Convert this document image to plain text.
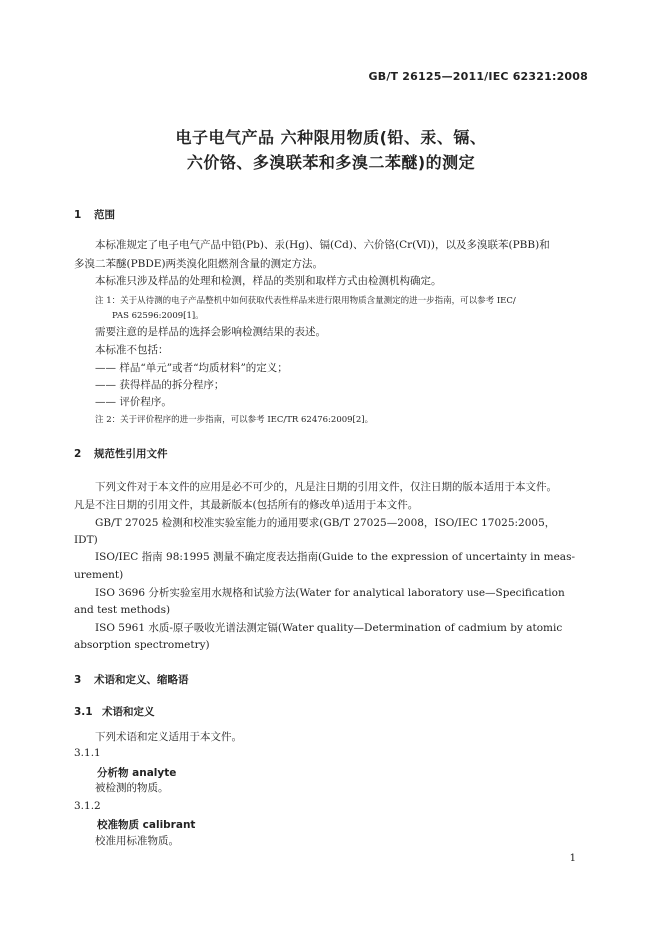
GB/T 26125—2011/IEC 62321:2008
电子电气产品 六种限用物质(铅、汞、镉、
六价铬、多溴联苯和多溴二苯醚)的测定
1 范围
本标准规定了电子电气产品中铅(Pb)、汞(Hg)、镉(Cd)、六价铬(Cr(Ⅵ))，以及多溴联苯(PBB)和
多溴二苯醚(PBDE)两类溴化阻燃剂含量的测定方法。
本标准只涉及样品的处理和检测，样品的类别和取样方式由检测机构确定。
注 1：关于从待测的电子产品整机中如何获取代表性样品来进行限用物质含量测定的进一步指南，可以参考 IEC/
PAS 62596:2009[1]。
需要注意的是样品的选择会影响检测结果的表述。
本标准不包括：
—— 样品“单元”或者“均质材料”的定义；
—— 获得样品的拆分程序；
—— 评价程序。
注 2：关于评价程序的进一步指南，可以参考 IEC/TR 62476:2009[2]。
2 规范性引用文件
下列文件对于本文件的应用是必不可少的，凡是注日期的引用文件，仅注日期的版本适用于本文件。
凡是不注日期的引用文件，其最新版本(包括所有的修改单)适用于本文件。
GB/T 27025 检测和校准实验室能力的通用要求(GB/T 27025—2008，ISO/IEC 17025:2005，
IDT)
ISO/IEC 指南 98:1995 测量不确定度表达指南(Guide to the expression of uncertainty in meas-
urement)
ISO 3696 分析实验室用水规格和试验方法(Water for analytical laboratory use—Specification
and test methods)
ISO 5961 水质-原子吸收光谱法测定镉(Water quality—Determination of cadmium by atomic
absorption spectrometry)
3 术语和定义、缩略语
3.1 术语和定义
下列术语和定义适用于本文件。
3.1.1
分析物 analyte
被检测的物质。
3.1.2
校准物质 calibrant
校准用标准物质。
1
